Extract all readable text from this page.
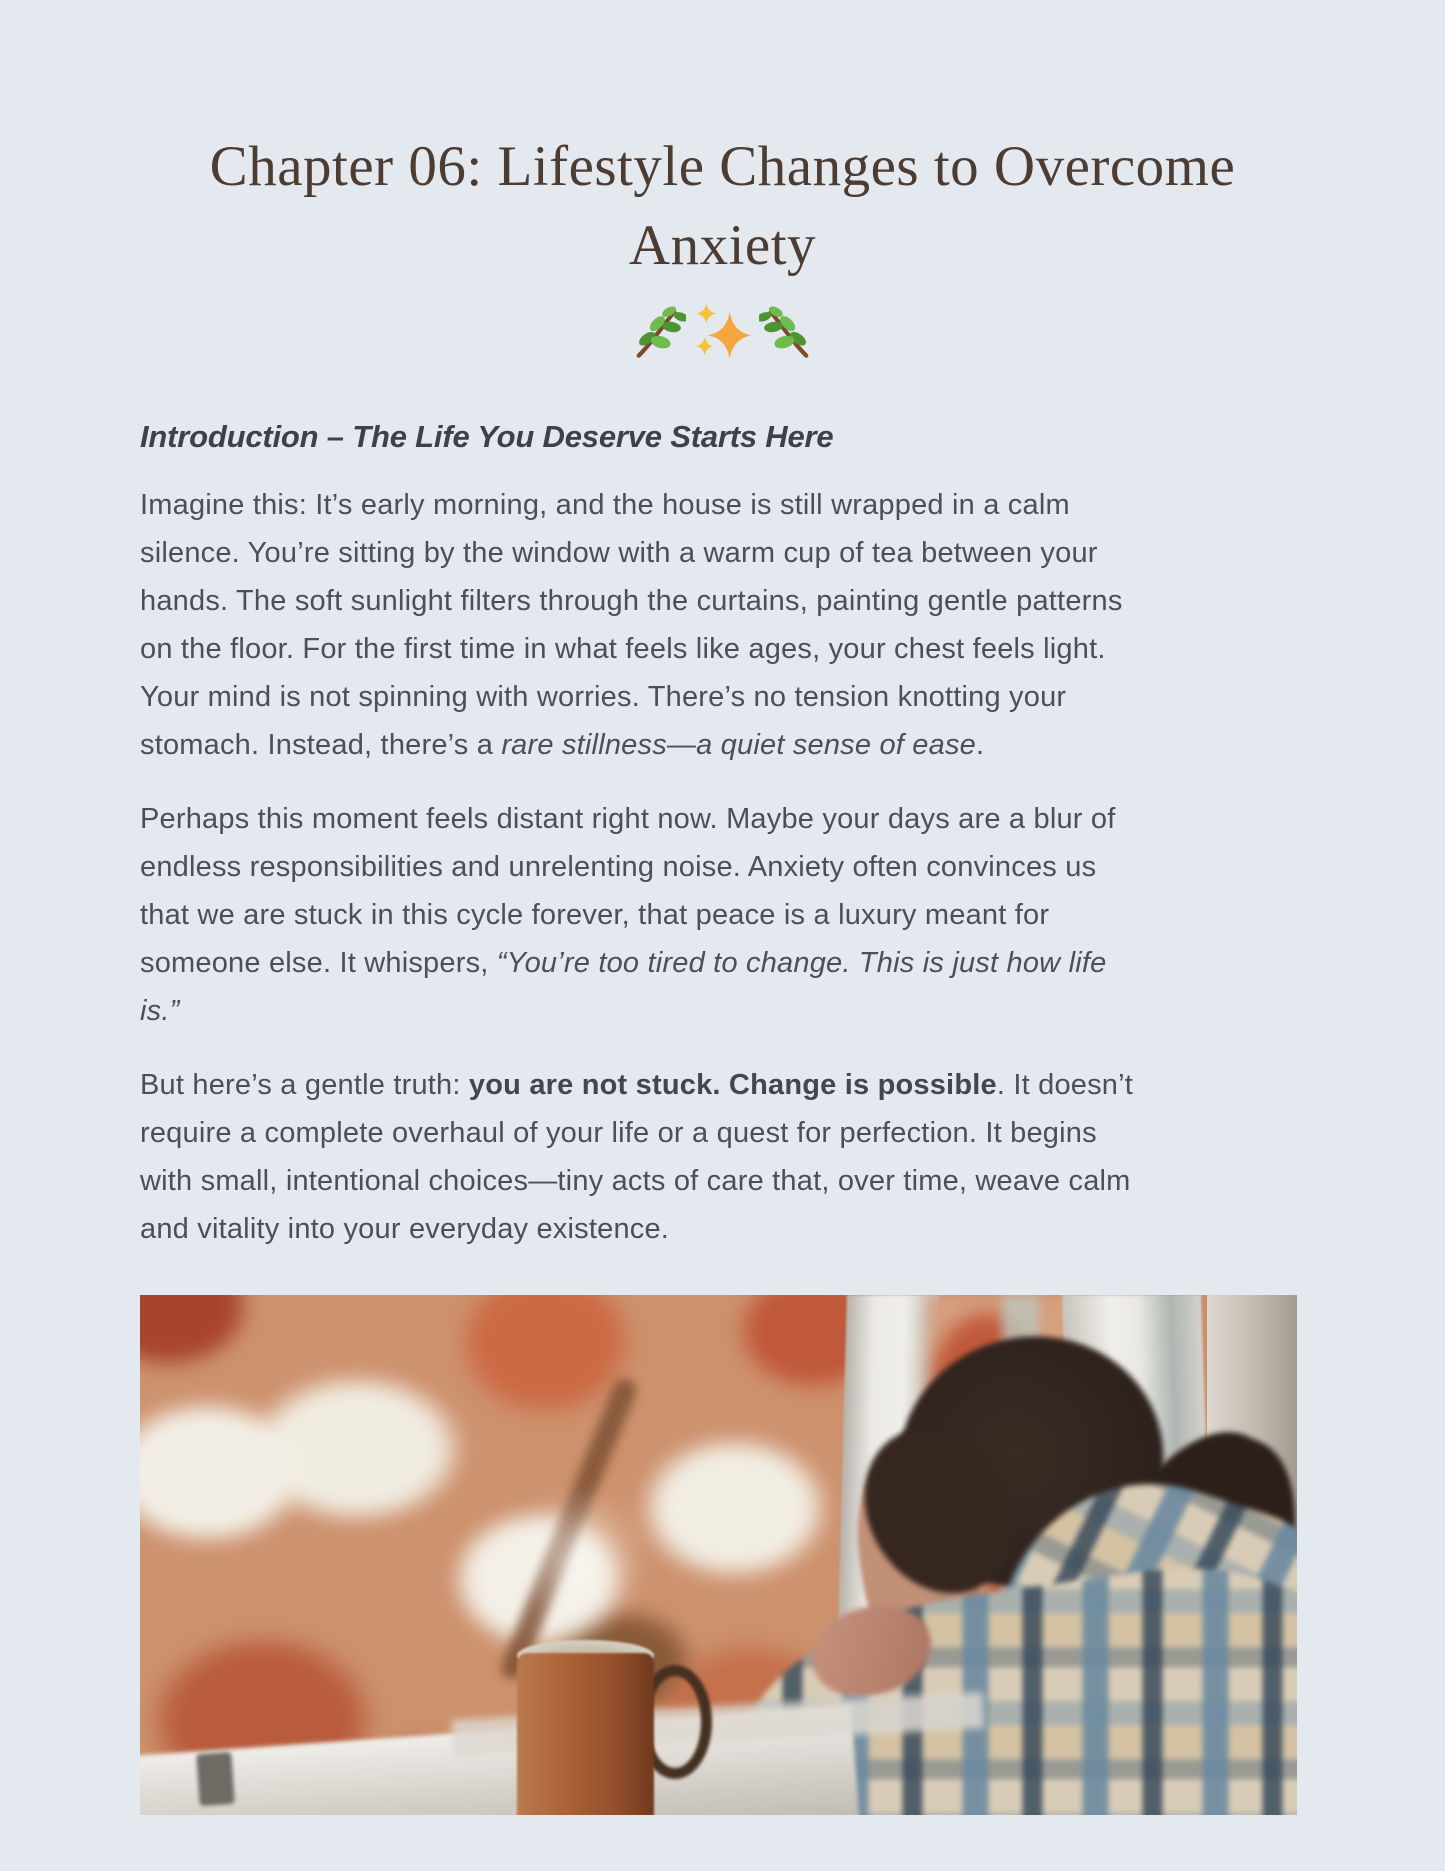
Chapter 06: Lifestyle Changes to Overcome Anxiety

Introduction – The Life You Deserve Starts Here

Imagine this: It’s early morning, and the house is still wrapped in a calm silence. You’re sitting by the window with a warm cup of tea between your hands. The soft sunlight filters through the curtains, painting gentle patterns on the floor. For the first time in what feels like ages, your chest feels light. Your mind is not spinning with worries. There’s no tension knotting your stomach. Instead, there’s a rare stillness—a quiet sense of ease.

Perhaps this moment feels distant right now. Maybe your days are a blur of endless responsibilities and unrelenting noise. Anxiety often convinces us that we are stuck in this cycle forever, that peace is a luxury meant for someone else. It whispers, “You’re too tired to change. This is just how life is.”

But here’s a gentle truth: you are not stuck. Change is possible. It doesn’t require a complete overhaul of your life or a quest for perfection. It begins with small, intentional choices—tiny acts of care that, over time, weave calm and vitality into your everyday existence.
